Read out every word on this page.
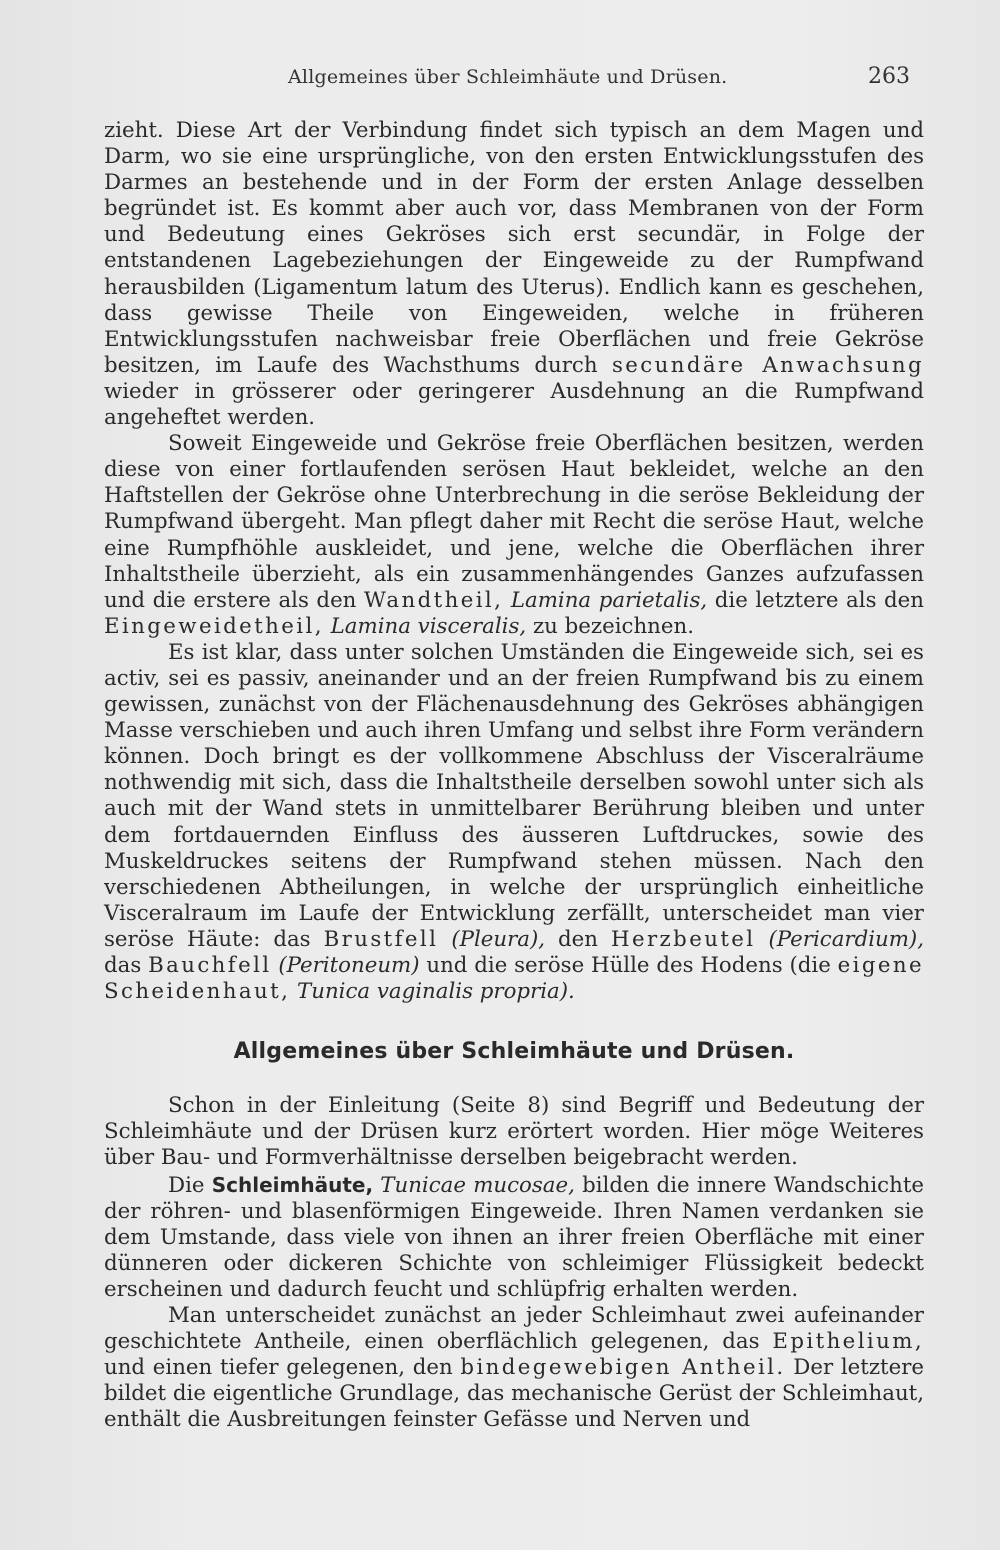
Allgemeines über Schleimhäute und Drüsen.	263

zieht. Diese Art der Verbindung findet sich typisch an dem Magen und Darm, wo sie eine ursprüngliche, von den ersten Entwicklungsstufen des Darmes an bestehende und in der Form der ersten Anlage desselben begründet ist. Es kommt aber auch vor, dass Membranen von der Form und Bedeutung eines Gekröses sich erst secundär, in Folge der entstandenen Lagebeziehungen der Eingeweide zu der Rumpfwand herausbilden (Ligamentum latum des Uterus). Endlich kann es geschehen, dass gewisse Theile von Eingeweiden, welche in früheren Entwicklungsstufen nachweisbar freie Oberflächen und freie Gekröse besitzen, im Laufe des Wachsthums durch secundäre Anwachsung wieder in grösserer oder geringerer Ausdehnung an die Rumpfwand angeheftet werden.

Soweit Eingeweide und Gekröse freie Oberflächen besitzen, werden diese von einer fortlaufenden serösen Haut bekleidet, welche an den Haftstellen der Gekröse ohne Unterbrechung in die seröse Bekleidung der Rumpfwand übergeht. Man pflegt daher mit Recht die seröse Haut, welche eine Rumpfhöhle auskleidet, und jene, welche die Oberflächen ihrer Inhaltstheile überzieht, als ein zusammenhängendes Ganzes aufzufassen und die erstere als den Wandtheil, Lamina parietalis, die letztere als den Eingeweidetheil, Lamina visceralis, zu bezeichnen.

Es ist klar, dass unter solchen Umständen die Eingeweide sich, sei es activ, sei es passiv, aneinander und an der freien Rumpfwand bis zu einem gewissen, zunächst von der Flächenausdehnung des Gekröses abhängigen Masse verschieben und auch ihren Umfang und selbst ihre Form verändern können. Doch bringt es der vollkommene Abschluss der Visceralräume nothwendig mit sich, dass die Inhaltstheile derselben sowohl unter sich als auch mit der Wand stets in unmittelbarer Berührung bleiben und unter dem fortdauernden Einfluss des äusseren Luftdruckes, sowie des Muskeldruckes seitens der Rumpfwand stehen müssen. Nach den verschiedenen Abtheilungen, in welche der ursprünglich einheitliche Visceralraum im Laufe der Entwicklung zerfällt, unterscheidet man vier seröse Häute: das Brustfell (Pleura), den Herzbeutel (Pericardium), das Bauchfell (Peritoneum) und die seröse Hülle des Hodens (die eigene Scheidenhaut, Tunica vaginalis propria).

Allgemeines über Schleimhäute und Drüsen.

Schon in der Einleitung (Seite 8) sind Begriff und Bedeutung der Schleimhäute und der Drüsen kurz erörtert worden. Hier möge Weiteres über Bau- und Formverhältnisse derselben beigebracht werden.

Die Schleimhäute, Tunicae mucosae, bilden die innere Wandschichte der röhren- und blasenförmigen Eingeweide. Ihren Namen verdanken sie dem Umstande, dass viele von ihnen an ihrer freien Oberfläche mit einer dünneren oder dickeren Schichte von schleimiger Flüssigkeit bedeckt erscheinen und dadurch feucht und schlüpfrig erhalten werden.

Man unterscheidet zunächst an jeder Schleimhaut zwei aufeinander geschichtete Antheile, einen oberflächlich gelegenen, das Epithelium, und einen tiefer gelegenen, den bindegewebigen Antheil. Der letztere bildet die eigentliche Grundlage, das mechanische Gerüst der Schleimhaut, enthält die Ausbreitungen feinster Gefässe und Nerven und
